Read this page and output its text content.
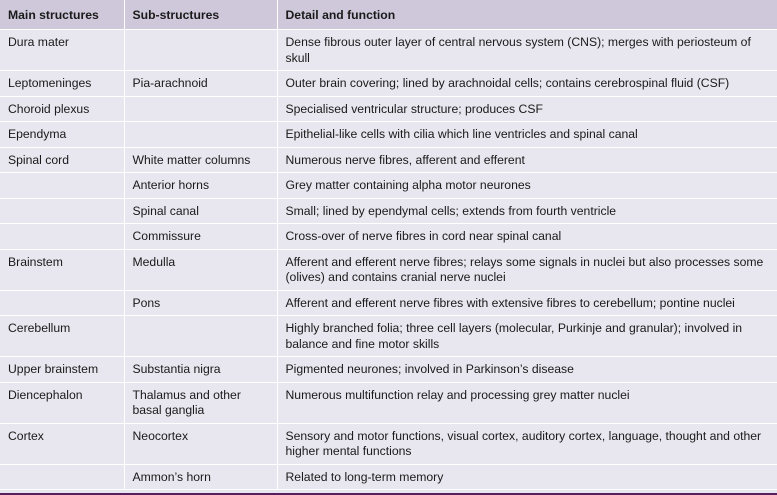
Main structures	Sub-structures	Detail and function
Dura mater		Dense fibrous outer layer of central nervous system (CNS); merges with periosteum of skull
Leptomeninges	Pia-arachnoid	Outer brain covering; lined by arachnoidal cells; contains cerebrospinal fluid (CSF)
Choroid plexus		Specialised ventricular structure; produces CSF
Ependyma		Epithelial-like cells with cilia which line ventricles and spinal canal
Spinal cord	White matter columns	Numerous nerve fibres, afferent and efferent
	Anterior horns	Grey matter containing alpha motor neurones
	Spinal canal	Small; lined by ependymal cells; extends from fourth ventricle
	Commissure	Cross-over of nerve fibres in cord near spinal canal
Brainstem	Medulla	Afferent and efferent nerve fibres; relays some signals in nuclei but also processes some (olives) and contains cranial nerve nuclei
	Pons	Afferent and efferent nerve fibres with extensive fibres to cerebellum; pontine nuclei
Cerebellum		Highly branched folia; three cell layers (molecular, Purkinje and granular); involved in balance and fine motor skills
Upper brainstem	Substantia nigra	Pigmented neurones; involved in Parkinson’s disease
Diencephalon	Thalamus and other basal ganglia	Numerous multifunction relay and processing grey matter nuclei
Cortex	Neocortex	Sensory and motor functions, visual cortex, auditory cortex, language, thought and other higher mental functions
	Ammon’s horn	Related to long-term memory
